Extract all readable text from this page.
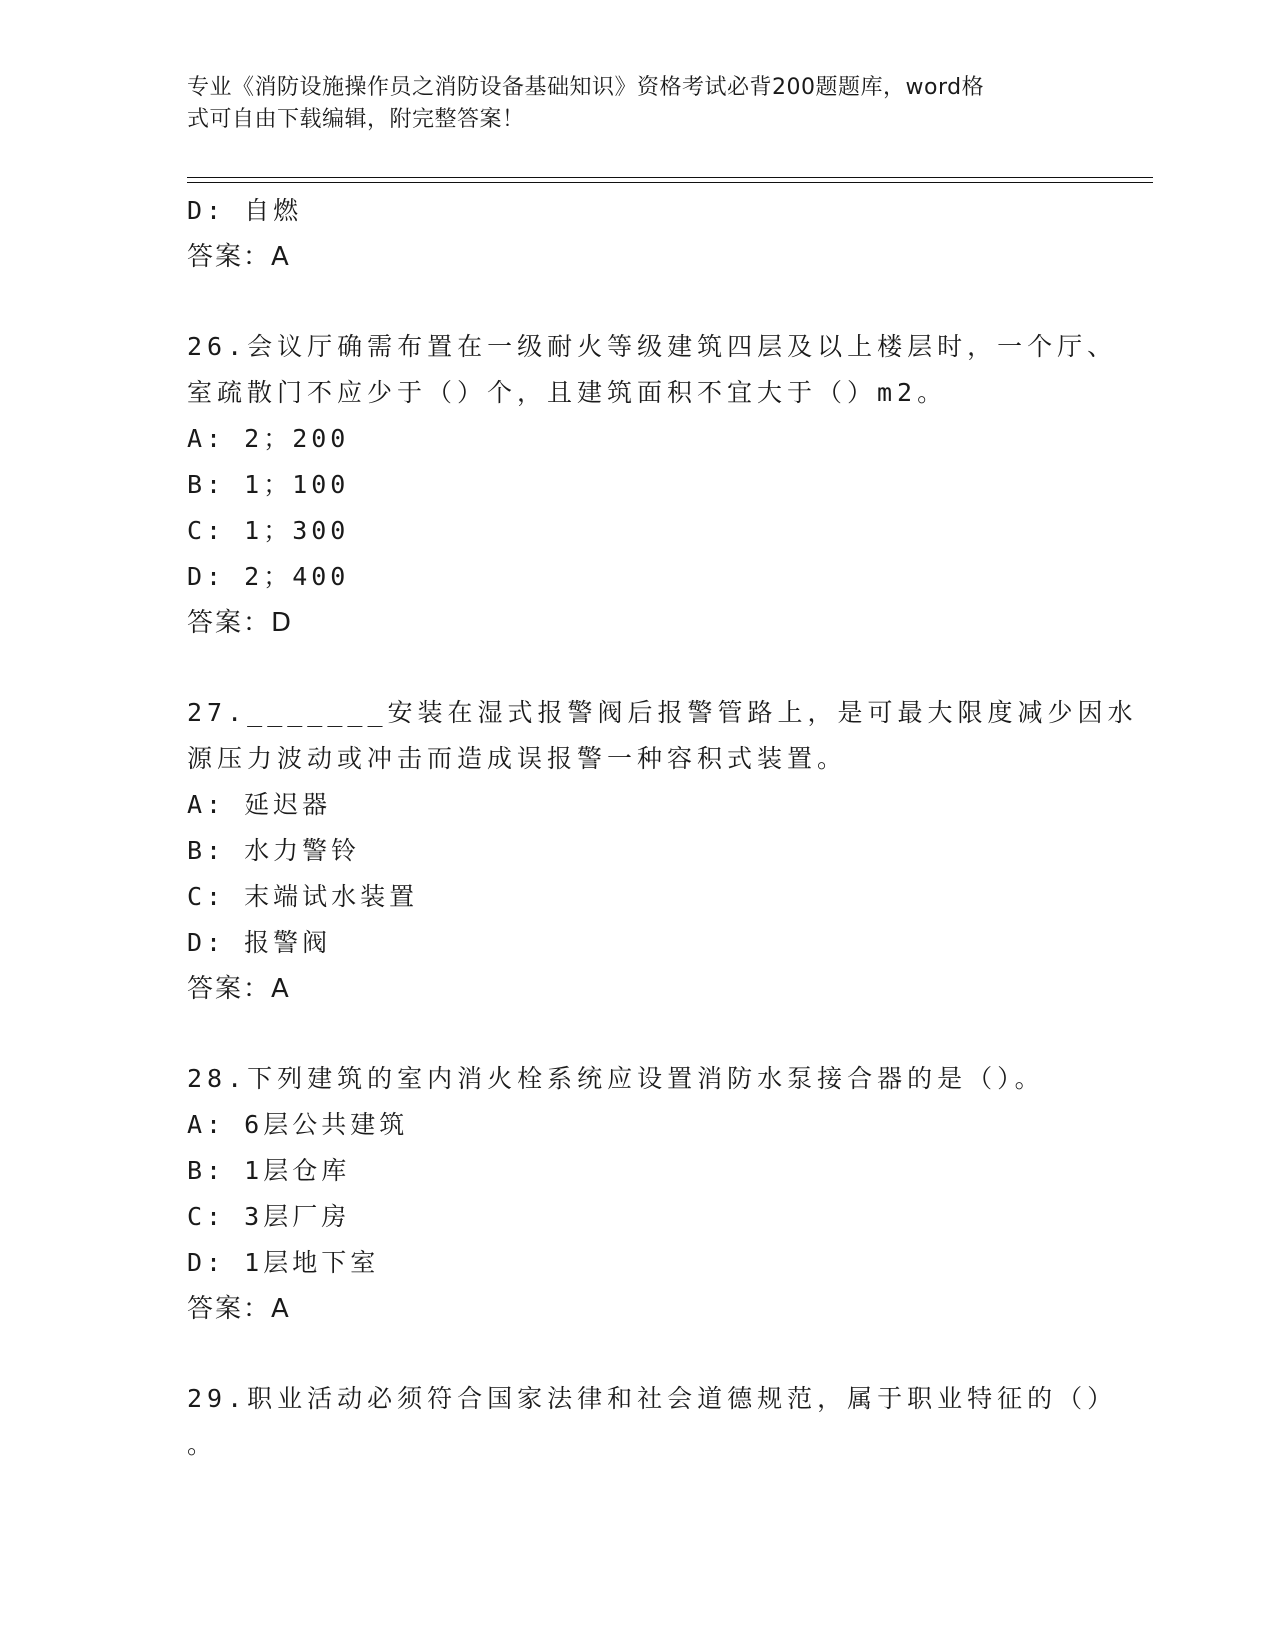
专业《消防设施操作员之消防设备基础知识》资格考试必背200题题库，word格
式可自由下载编辑，附完整答案！
D: 自燃
答案：A
26.会议厅确需布置在一级耐火等级建筑四层及以上楼层时，一个厅、
室疏散门不应少于（）个，且建筑面积不宜大于（）m2。
A: 2；200
B: 1；100
C: 1；300
D: 2；400
答案：D
27._______安装在湿式报警阀后报警管路上，是可最大限度减少因水
源压力波动或冲击而造成误报警一种容积式装置。
A: 延迟器
B: 水力警铃
C: 末端试水装置
D: 报警阀
答案：A
28.下列建筑的室内消火栓系统应设置消防水泵接合器的是（）。
A: 6层公共建筑
B: 1层仓库
C: 3层厂房
D: 1层地下室
答案：A
29.职业活动必须符合国家法律和社会道德规范，属于职业特征的（）
。
